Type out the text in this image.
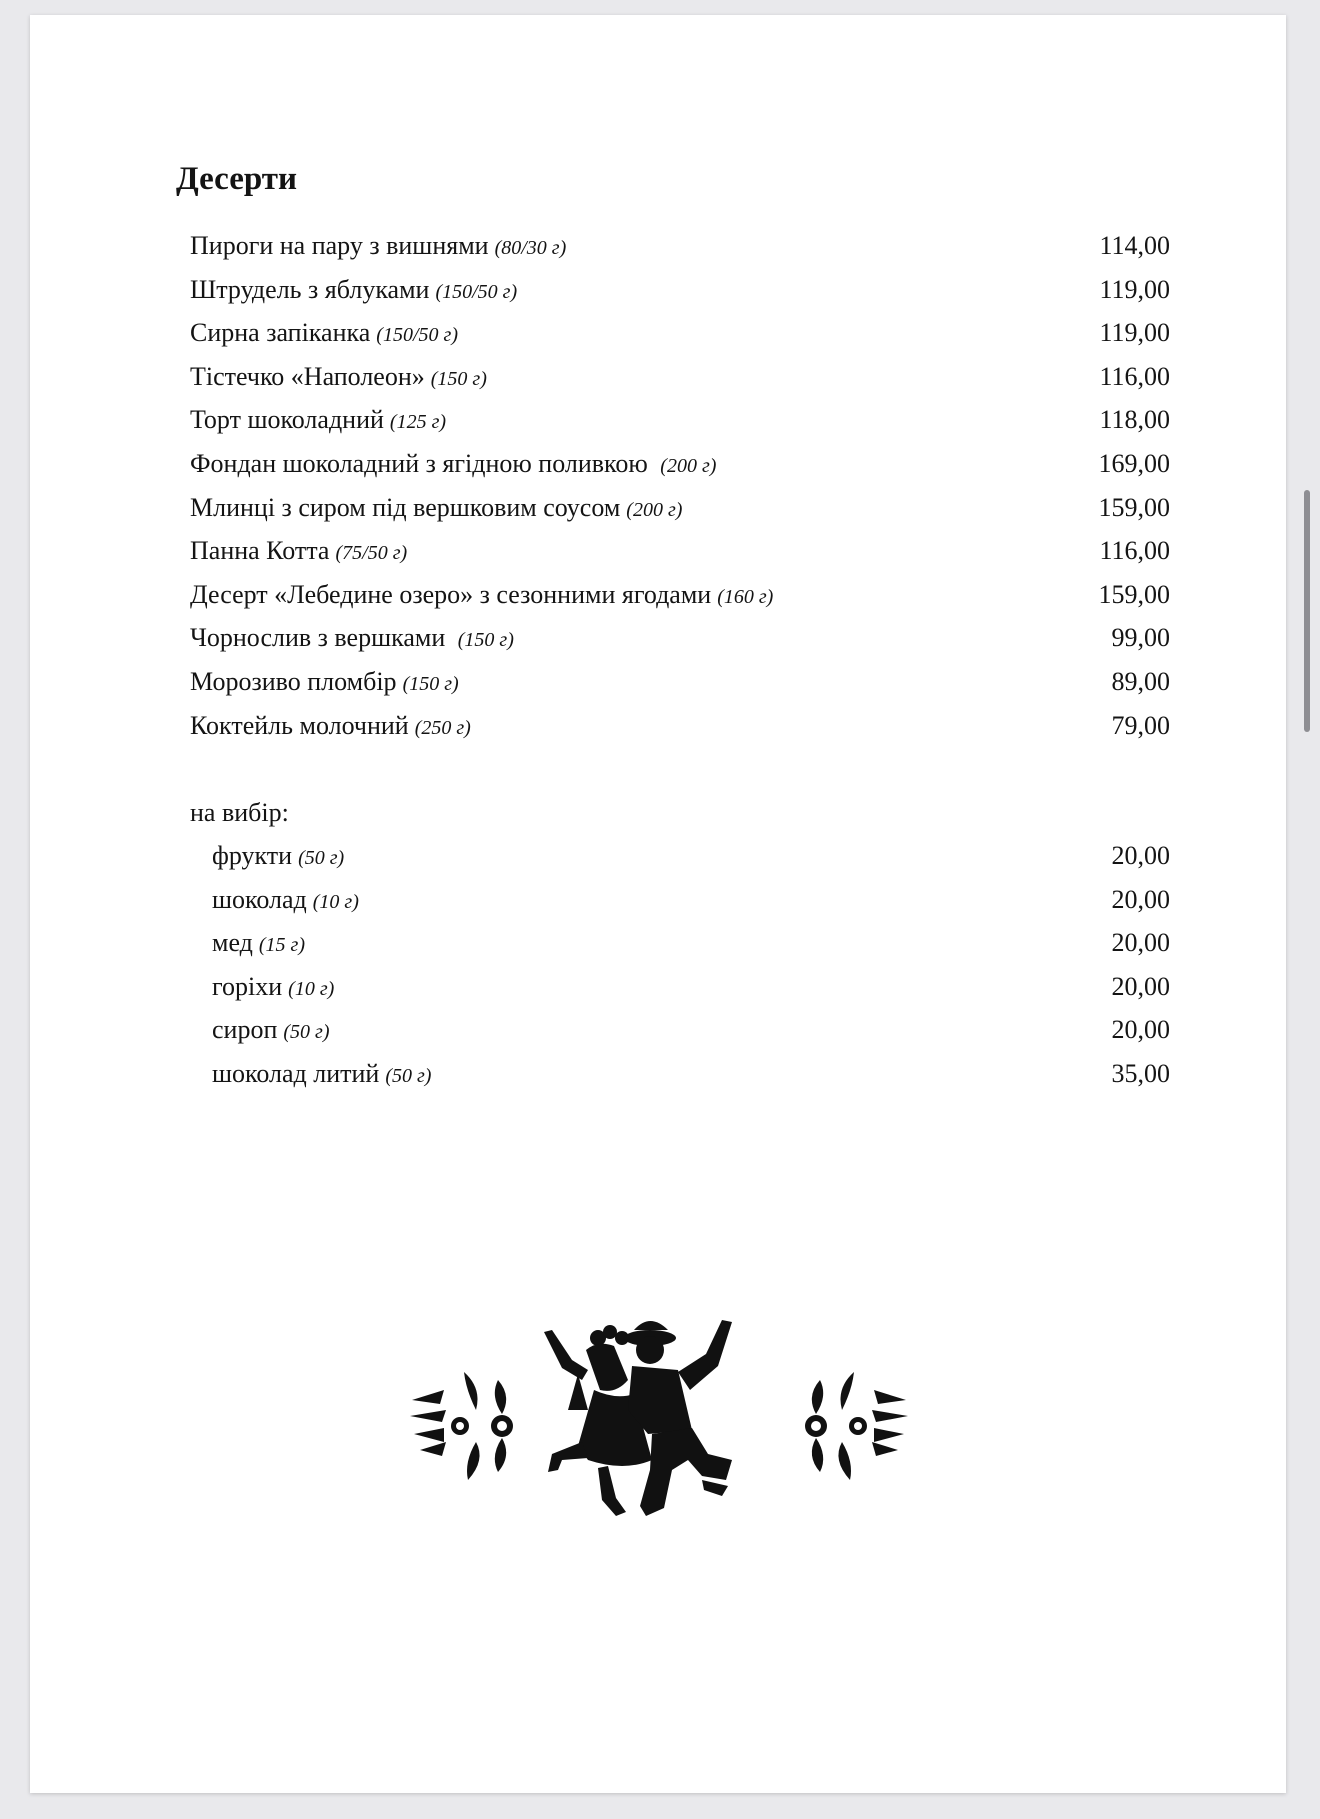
Десерти
Пироги на пару з вишнями (80/30 г)	114,00
Штрудель з яблуками (150/50 г)	119,00
Сирна запіканка (150/50 г)	119,00
Тістечко «Наполеон» (150 г)	116,00
Торт шоколадний (125 г)	118,00
Фондан шоколадний з ягідною поливкою (200 г)	169,00
Млинці з сиром під вершковим соусом (200 г)	159,00
Панна Котта (75/50 г)	116,00
Десерт «Лебедине озеро» з сезонними ягодами (160 г)	159,00
Чорнослив з вершками (150 г)	99,00
Морозиво пломбір (150 г)	89,00
Коктейль молочний (250 г)	79,00
на вибір:
фрукти (50 г)	20,00
шоколад (10 г)	20,00
мед (15 г)	20,00
горіхи (10 г)	20,00
сироп (50 г)	20,00
шоколад литий (50 г)	35,00
